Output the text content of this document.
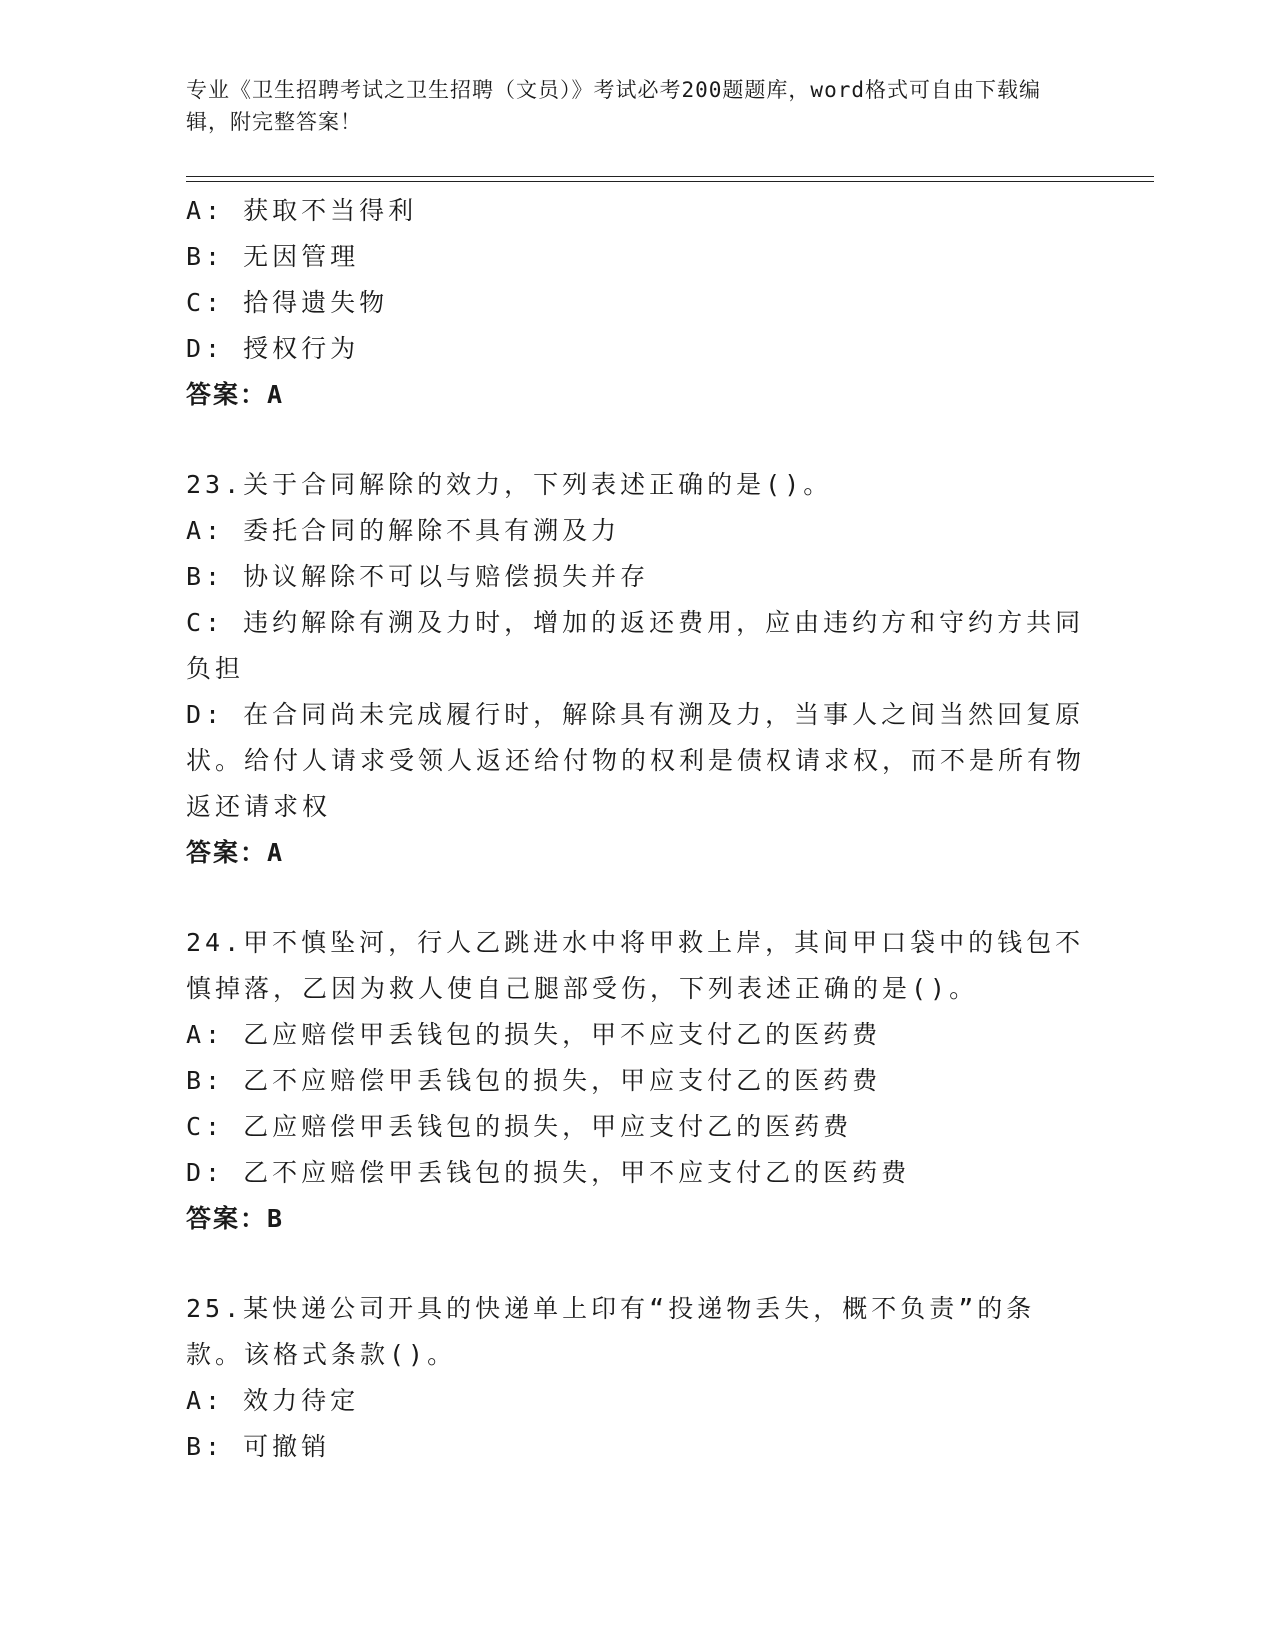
专业《卫生招聘考试之卫生招聘（文员）》考试必考200题题库，word格式可自由下载编辑，附完整答案！
A: 获取不当得利
B: 无因管理
C: 拾得遗失物
D: 授权行为
答案：A
23.关于合同解除的效力，下列表述正确的是()。
A: 委托合同的解除不具有溯及力
B: 协议解除不可以与赔偿损失并存
C: 违约解除有溯及力时，增加的返还费用，应由违约方和守约方共同负担
D: 在合同尚未完成履行时，解除具有溯及力，当事人之间当然回复原状。给付人请求受领人返还给付物的权利是债权请求权，而不是所有物返还请求权
答案：A
24.甲不慎坠河，行人乙跳进水中将甲救上岸，其间甲口袋中的钱包不慎掉落，乙因为救人使自己腿部受伤，下列表述正确的是()。
A: 乙应赔偿甲丢钱包的损失，甲不应支付乙的医药费
B: 乙不应赔偿甲丢钱包的损失，甲应支付乙的医药费
C: 乙应赔偿甲丢钱包的损失，甲应支付乙的医药费
D: 乙不应赔偿甲丢钱包的损失，甲不应支付乙的医药费
答案：B
25.某快递公司开具的快递单上印有“投递物丢失，概不负责”的条款。该格式条款()。
A: 效力待定
B: 可撤销
